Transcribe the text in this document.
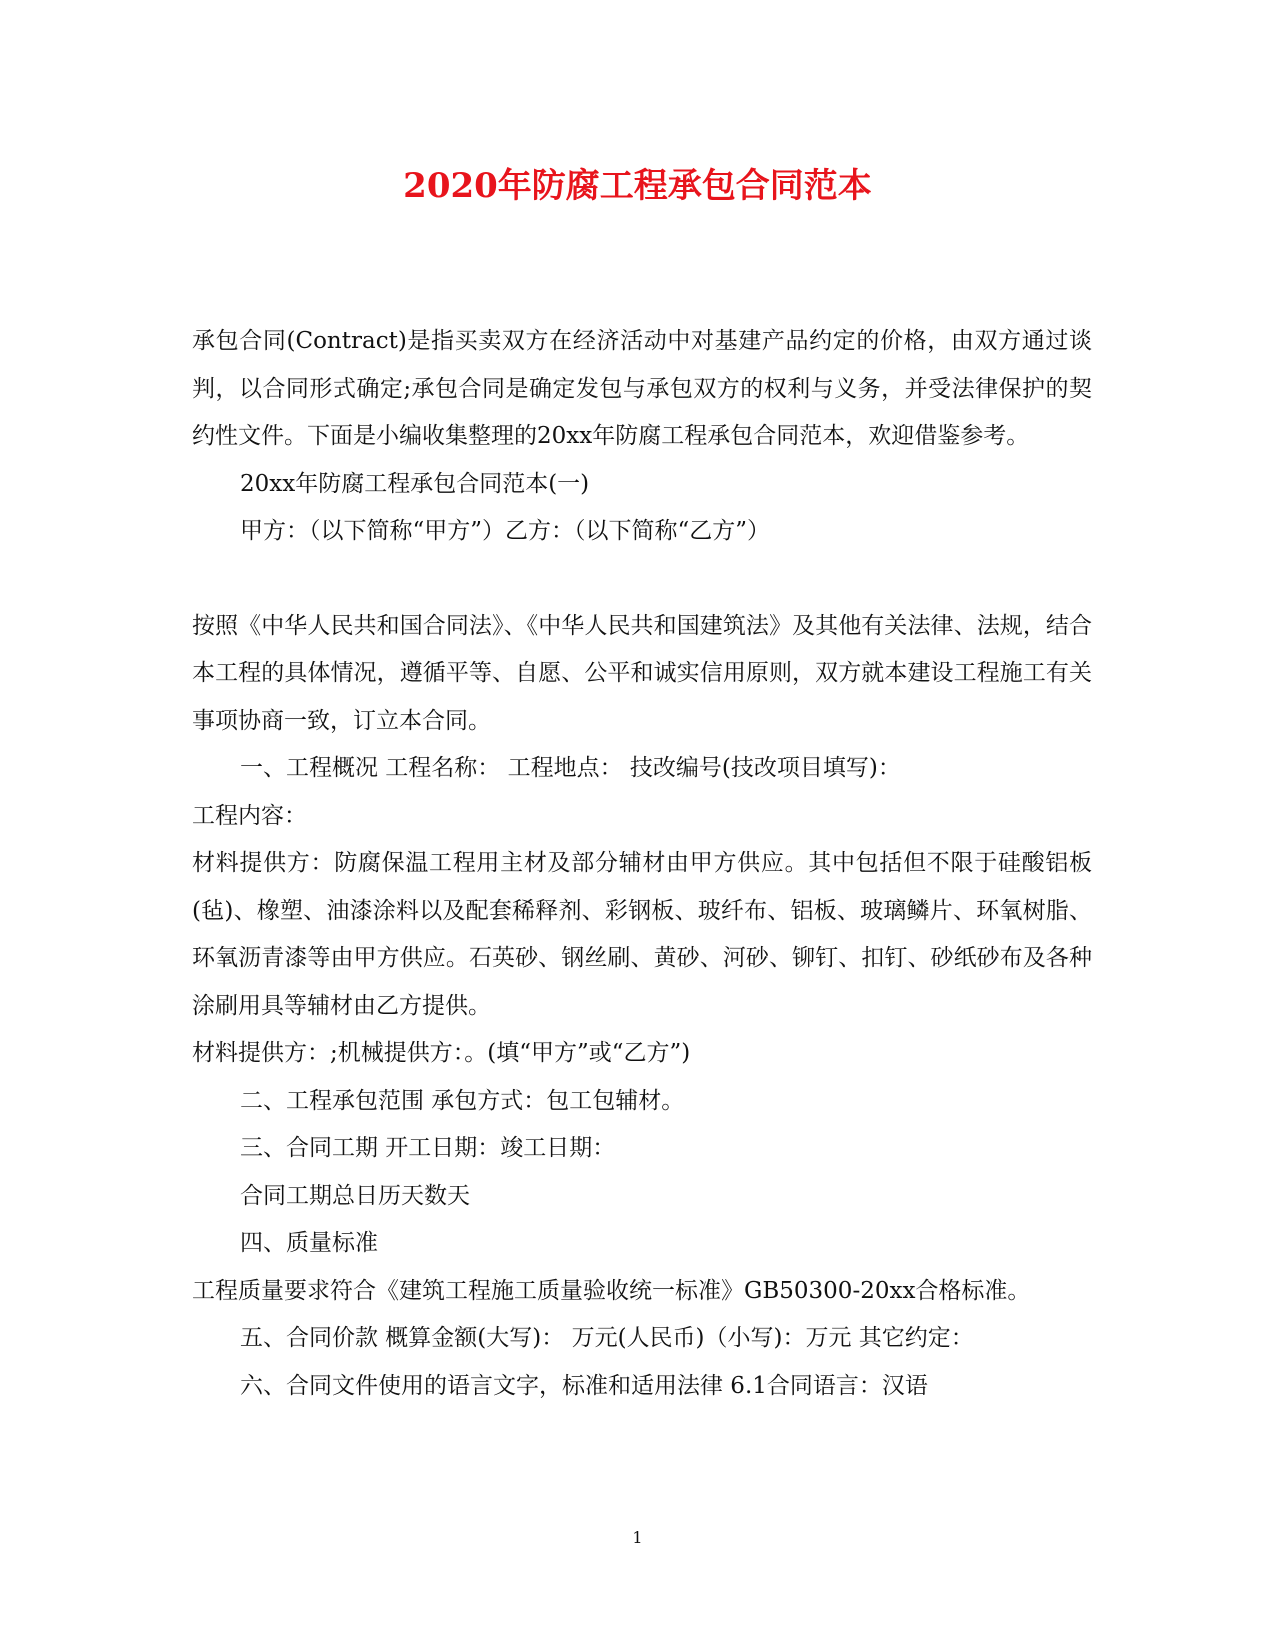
2020年防腐工程承包合同范本

承包合同(Contract)是指买卖双方在经济活动中对基建产品约定的价格，由双方通过谈判，以合同形式确定;承包合同是确定发包与承包双方的权利与义务，并受法律保护的契约性文件。下面是小编收集整理的20xx年防腐工程承包合同范本，欢迎借鉴参考。

20xx年防腐工程承包合同范本(一)

甲方：（以下简称“甲方”）乙方：（以下简称“乙方”）

按照《中华人民共和国合同法》、《中华人民共和国建筑法》及其他有关法律、法规，结合本工程的具体情况，遵循平等、自愿、公平和诚实信用原则，双方就本建设工程施工有关事项协商一致，订立本合同。

一、工程概况 工程名称： 工程地点： 技改编号(技改项目填写)：

工程内容：

材料提供方：防腐保温工程用主材及部分辅材由甲方供应。其中包括但不限于硅酸铝板(毡)、橡塑、油漆涂料以及配套稀释剂、彩钢板、玻纤布、铝板、玻璃鳞片、环氧树脂、环氧沥青漆等由甲方供应。石英砂、钢丝刷、黄砂、河砂、铆钉、扣钉、砂纸砂布及各种涂刷用具等辅材由乙方提供。

材料提供方：;机械提供方：。(填“甲方”或“乙方”)

二、工程承包范围 承包方式：包工包辅材。

三、合同工期 开工日期：竣工日期：

合同工期总日历天数天

四、质量标准

工程质量要求符合《建筑工程施工质量验收统一标准》GB50300-20xx合格标准。

五、合同价款 概算金额(大写)： 万元(人民币)（小写)：万元 其它约定：

六、合同文件使用的语言文字，标准和适用法律 6.1合同语言：汉语

1
